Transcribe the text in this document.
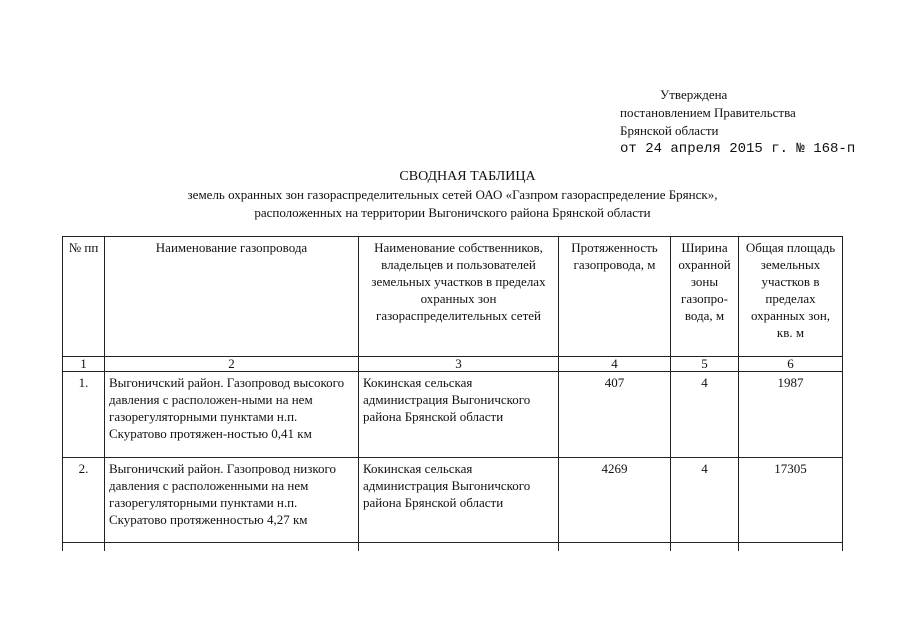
Утверждена
постановлением Правительства
Брянской области
от 24 апреля 2015 г. № 168-п
СВОДНАЯ ТАБЛИЦА
земель охранных зон газораспределительных сетей ОАО «Газпром газораспределение Брянск»,
расположенных на территории Выгоничского района Брянской области
№ пп	Наименование газопровода	Наименование собственников, владельцев и пользователей земельных участков в пределах охранных зон газораспределительных сетей	Протяженность газопровода, м	Ширина охранной зоны газопро-вода, м	Общая площадь земельных участков в пределах охранных зон, кв. м
1	2	3	4	5	6
1.	Выгоничский район. Газопровод высокого давления с расположен-ными на нем газорегуляторными пунктами н.п. Скуратово протяжен-ностью 0,41 км	Кокинская сельская администрация Выгоничского района Брянской области	407	4	1987
2.	Выгоничский район. Газопровод низкого давления с расположенными на нем газорегуляторными пунктами н.п. Скуратово протяженностью 4,27 км	Кокинская сельская администрация Выгоничского района Брянской области	4269	4	17305
